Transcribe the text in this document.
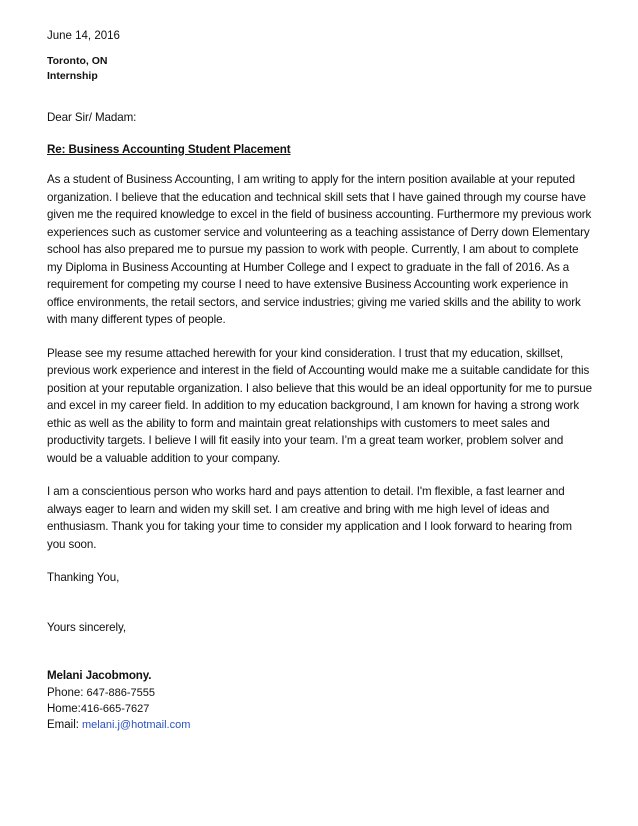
June 14, 2016

Toronto, ON

Internship

Dear Sir/ Madam:

Re: Business Accounting Student Placement

As a student of Business Accounting, I am writing to apply for the intern position available at your reputed organization. I believe that the education and technical skill sets that I have gained through my course have given me the required knowledge to excel in the field of business accounting. Furthermore my previous work experiences such as customer service and volunteering as a teaching assistance of Derry down Elementary school has also prepared me to pursue my passion to work with people. Currently, I am about to complete my Diploma in Business Accounting at Humber College and I expect to graduate in the fall of 2016. As a requirement for competing my course I need to have extensive Business Accounting work experience in office environments, the retail sectors, and service industries; giving me varied skills and the ability to work with many different types of people.

Please see my resume attached herewith for your kind consideration. I trust that my education, skillset, previous work experience and interest in the field of Accounting would make me a suitable candidate for this position at your reputable organization. I also believe that this would be an ideal opportunity for me to pursue and excel in my career field. In addition to my education background, I am known for having a strong work ethic as well as the ability to form and maintain great relationships with customers to meet sales and productivity targets. I believe I will fit easily into your team. I’m a great team worker, problem solver and would be a valuable addition to your company.

I am a conscientious person who works hard and pays attention to detail. I'm flexible, a fast learner and always eager to learn and widen my skill set. I am creative and bring with me high level of ideas and enthusiasm. Thank you for taking your time to consider my application and I look forward to hearing from you soon.

Thanking You,

Yours sincerely,

Melani Jacobmony.

Phone: 647-886-7555

Home:416-665-7627

Email: melani.j@hotmail.com
